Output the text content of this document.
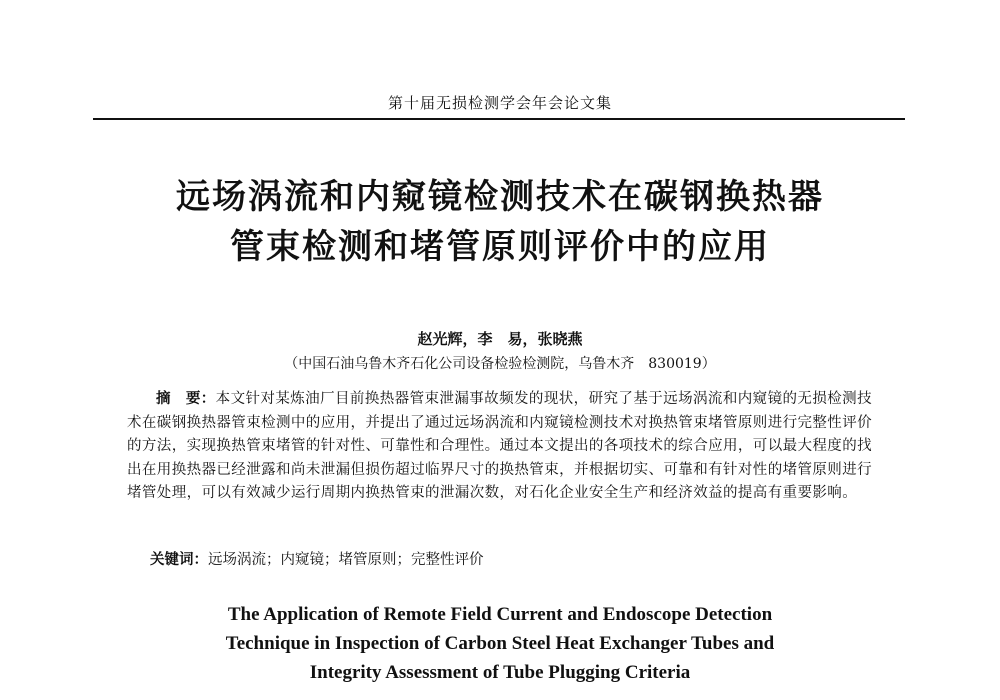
第十届无损检测学会年会论文集
远场涡流和内窥镜检测技术在碳钢换热器
管束检测和堵管原则评价中的应用
赵光辉，李　易，张晓燕
（中国石油乌鲁木齐石化公司设备检验检测院，乌鲁木齐　830019）
摘　要：本文针对某炼油厂目前换热器管束泄漏事故频发的现状，研究了基于远场涡流和内窥镜的无损检测技术在碳钢换热器管束检测中的应用，并提出了通过远场涡流和内窥镜检测技术对换热管束堵管原则进行完整性评价的方法，实现换热管束堵管的针对性、可靠性和合理性。通过本文提出的各项技术的综合应用，可以最大程度的找出在用换热器已经泄露和尚未泄漏但损伤超过临界尺寸的换热管束，并根据切实、可靠和有针对性的堵管原则进行堵管处理，可以有效减少运行周期内换热管束的泄漏次数，对石化企业安全生产和经济效益的提高有重要影响。
关键词：远场涡流；内窥镜；堵管原则；完整性评价
The Application of Remote Field Current and Endoscope Detection
Technique in Inspection of Carbon Steel Heat Exchanger Tubes and
Integrity Assessment of Tube Plugging Criteria
